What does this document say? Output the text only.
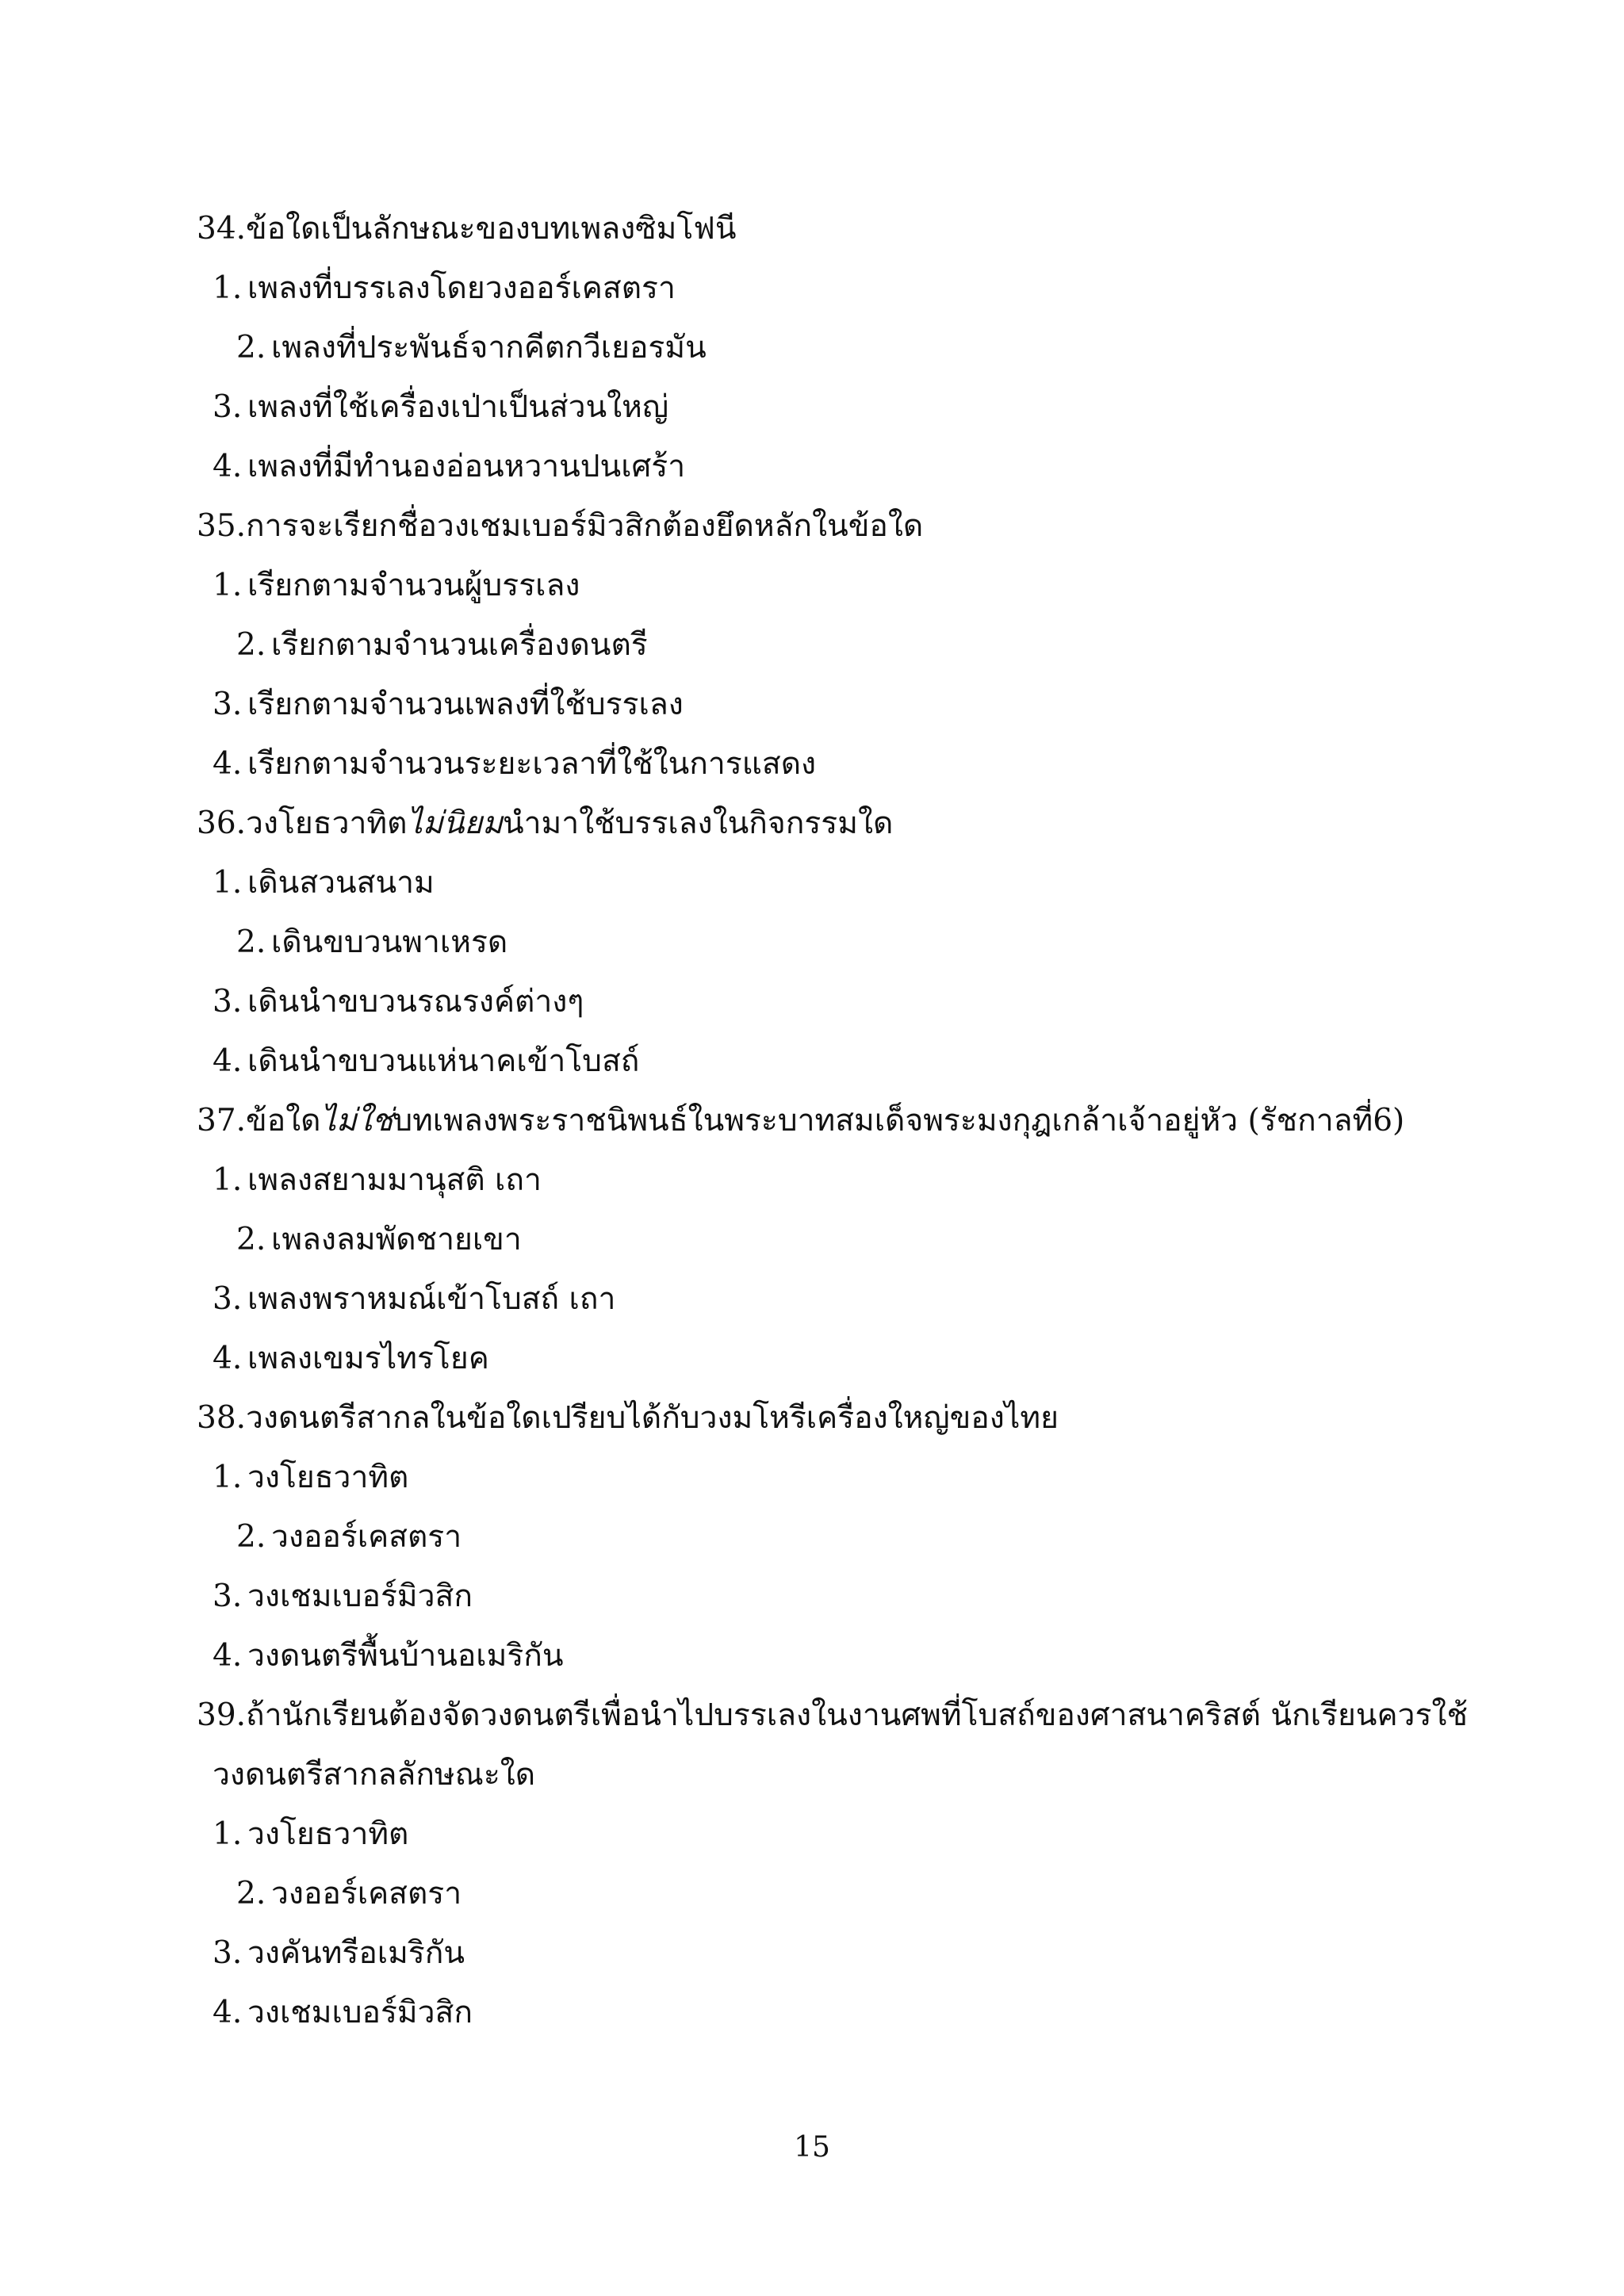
34.ข้อใดเป็นลักษณะของบทเพลงซิมโฟนี
1. เพลงที่บรรเลงโดยวงออร์เคสตรา
2. เพลงที่ประพันธ์จากคีตกวีเยอรมัน
3. เพลงที่ใช้เครื่องเป่าเป็นส่วนใหญ่
4. เพลงที่มีทำนองอ่อนหวานปนเศร้า
35.การจะเรียกชื่อวงเชมเบอร์มิวสิกต้องยึดหลักในข้อใด
1. เรียกตามจำนวนผู้บรรเลง
2. เรียกตามจำนวนเครื่องดนตรี
3. เรียกตามจำนวนเพลงที่ใช้บรรเลง
4. เรียกตามจำนวนระยะเวลาที่ใช้ในการแสดง
36.วงโยธวาทิตไม่นิยมนำมาใช้บรรเลงในกิจกรรมใด
1. เดินสวนสนาม
2. เดินขบวนพาเหรด
3. เดินนำขบวนรณรงค์ต่างๆ
4. เดินนำขบวนแห่นาคเข้าโบสถ์
37.ข้อใดไม่ใช่บทเพลงพระราชนิพนธ์ในพระบาทสมเด็จพระมงกุฎเกล้าเจ้าอยู่หัว (รัชกาลที่6)
1. เพลงสยามมานุสติ เถา
2. เพลงลมพัดชายเขา
3. เพลงพราหมณ์เข้าโบสถ์ เถา
4. เพลงเขมรไทรโยค
38.วงดนตรีสากลในข้อใดเปรียบได้กับวงมโหรีเครื่องใหญ่ของไทย
1. วงโยธวาทิต
2. วงออร์เคสตรา
3. วงเชมเบอร์มิวสิก
4. วงดนตรีพื้นบ้านอเมริกัน
39.ถ้านักเรียนต้องจัดวงดนตรีเพื่อนำไปบรรเลงในงานศพที่โบสถ์ของศาสนาคริสต์ นักเรียนควรใช้
วงดนตรีสากลลักษณะใด
1. วงโยธวาทิต
2. วงออร์เคสตรา
3. วงคันทรีอเมริกัน
4. วงเชมเบอร์มิวสิก
15
